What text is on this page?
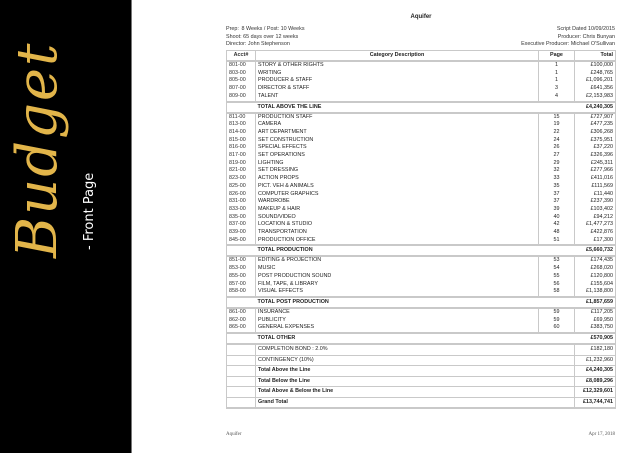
Budget - Front Page
Aquifer
Prep: 8 Weeks / Post: 10 Weeks
Shoot: 65 days over 12 weeks
Director: John Stephenson
Script Dated 10/09/2015
Producer: Chris Bunyan
Executive Producer: Michael O'Sullivan
Acct#	Category Description	Page	Total
801-00	STORY & OTHER RIGHTS	1	£100,000
803-00	WRITING	1	£248,765
805-00	PRODUCER & STAFF	1	£1,096,201
807-00	DIRECTOR & STAFF	3	£641,356
809-00	TALENT	4	£2,153,983
	TOTAL ABOVE THE LINE		£4,240,305
811-00	PRODUCTION STAFF	15	£727,907
813-00	CAMERA	19	£477,235
814-00	ART DEPARTMENT	22	£306,268
815-00	SET CONSTRUCTION	24	£375,951
816-00	SPECIAL EFFECTS	26	£37,220
817-00	SET OPERATIONS	27	£326,396
819-00	LIGHTING	29	£245,311
821-00	SET DRESSING	32	£277,966
823-00	ACTION PROPS	33	£411,016
825-00	PICT. VEH & ANIMALS	35	£111,569
826-00	COMPUTER GRAPHICS	37	£11,440
831-00	WARDROBE	37	£237,390
833-00	MAKEUP & HAIR	39	£103,402
835-00	SOUND/VIDEO	40	£94,212
837-00	LOCATION & STUDIO	42	£1,477,273
839-00	TRANSPORTATION	48	£422,876
845-00	PRODUCTION OFFICE	51	£17,300
	TOTAL PRODUCTION		£5,660,732
851-00	EDITING & PROJECTION	53	£174,435
853-00	MUSIC	54	£268,020
855-00	POST PRODUCTION SOUND	55	£120,800
857-00	FILM, TAPE, & LIBRARY	56	£155,604
858-00	VISUAL EFFECTS	58	£1,138,800
	TOTAL POST PRODUCTION		£1,857,659
861-00	INSURANCE	59	£117,205
862-00	PUBLICITY	59	£69,950
865-00	GENERAL EXPENSES	60	£383,750
	TOTAL OTHER		£570,905
	COMPLETION BOND : 2.0%		£182,180
	CONTINGENCY (10%)		£1,232,960
	Total Above the Line		£4,240,305
	Total Below the Line		£8,089,296
	Total Above & Below the Line		£12,329,601
	Grand Total		£13,744,741
Aquifer	Apr 17, 2018
